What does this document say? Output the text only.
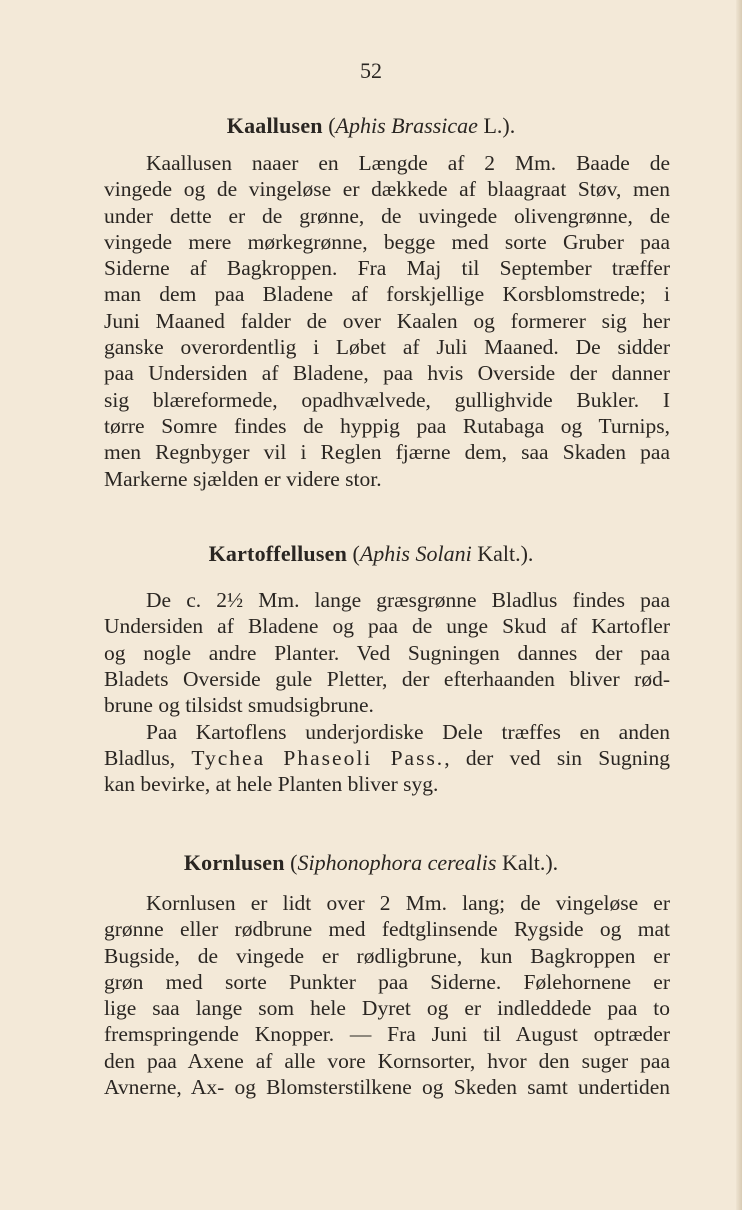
52
Kaallusen (Aphis Brassicae L.).
Kaallusen naaer en Længde af 2 Mm. Baade de
vingede og de vingeløse er dækkede af blaagraat Støv, men
under dette er de grønne, de uvingede olivengrønne, de
vingede mere mørkegrønne, begge med sorte Gruber paa
Siderne af Bagkroppen. Fra Maj til September træffer
man dem paa Bladene af forskjellige Korsblomstrede; i
Juni Maaned falder de over Kaalen og formerer sig her
ganske overordentlig i Løbet af Juli Maaned. De sidder
paa Undersiden af Bladene, paa hvis Overside der danner
sig blæreformede, opadhvælvede, gullighvide Bukler. I
tørre Somre findes de hyppig paa Rutabaga og Turnips,
men Regnbyger vil i Reglen fjærne dem, saa Skaden paa
Markerne sjælden er videre stor.
Kartoffellusen (Aphis Solani Kalt.).
De c. 2½ Mm. lange græsgrønne Bladlus findes paa
Undersiden af Bladene og paa de unge Skud af Kartofler
og nogle andre Planter. Ved Sugningen dannes der paa
Bladets Overside gule Pletter, der efterhaanden bliver rød-
brune og tilsidst smudsigbrune.
Paa Kartoflens underjordiske Dele træffes en anden
Bladlus, Tychea Phaseoli Pass., der ved sin Sugning
kan bevirke, at hele Planten bliver syg.
Kornlusen (Siphonophora cerealis Kalt.).
Kornlusen er lidt over 2 Mm. lang; de vingeløse er
grønne eller rødbrune med fedtglinsende Rygside og mat
Bugside, de vingede er rødligbrune, kun Bagkroppen er
grøn med sorte Punkter paa Siderne. Følehornene er
lige saa lange som hele Dyret og er indleddede paa to
fremspringende Knopper. — Fra Juni til August optræder
den paa Axene af alle vore Kornsorter, hvor den suger paa
Avnerne, Ax- og Blomsterstilkene og Skeden samt undertiden
